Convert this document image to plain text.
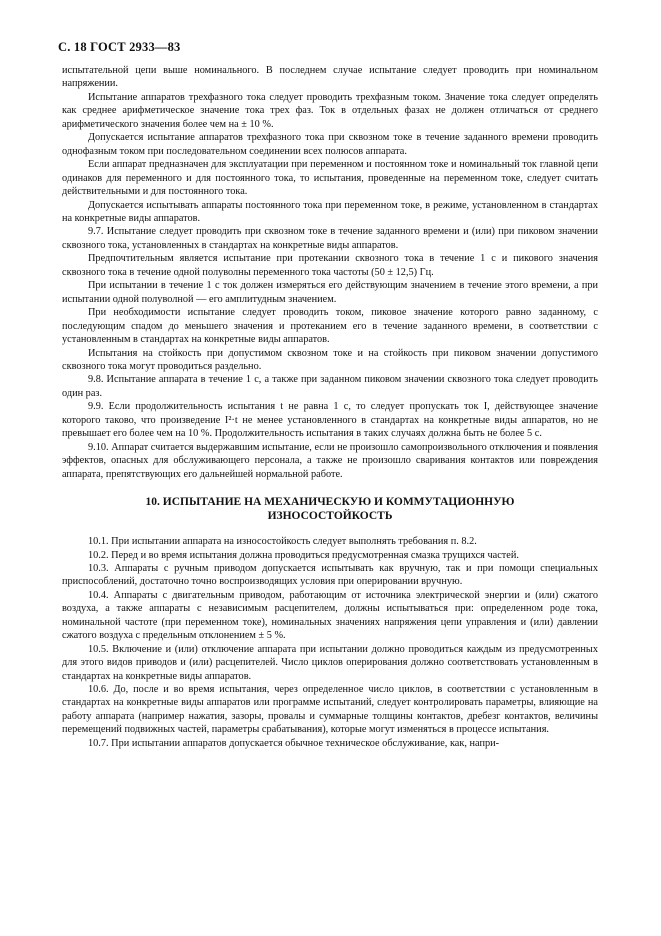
С. 18 ГОСТ 2933—83

испытательной цепи выше номинального. В последнем случае испытание следует проводить при номинальном напряжении.

Испытание аппаратов трехфазного тока следует проводить трехфазным током. Значение тока следует определять как среднее арифметическое значение тока трех фаз. Ток в отдельных фазах не должен отличаться от среднего арифметического значения более чем на ± 10 %.

Допускается испытание аппаратов трехфазного тока при сквозном токе в течение заданного времени проводить однофазным током при последовательном соединении всех полюсов аппарата.

Если аппарат предназначен для эксплуатации при переменном и постоянном токе и номинальный ток главной цепи одинаков для переменного и для постоянного тока, то испытания, проведенные на переменном токе, следует считать действительными и для постоянного тока.

Допускается испытывать аппараты постоянного тока при переменном токе, в режиме, установленном в стандартах на конкретные виды аппаратов.

9.7. Испытание следует проводить при сквозном токе в течение заданного времени и (или) при пиковом значении сквозного тока, установленных в стандартах на конкретные виды аппаратов.

Предпочтительным является испытание при протекании сквозного тока в течение 1 с и пикового значения сквозного тока в течение одной полуволны переменного тока частоты (50 ± 12,5) Гц.

При испытании в течение 1 с ток должен измеряться его действующим значением в течение этого времени, а при испытании одной полуволной — его амплитудным значением.

При необходимости испытание следует проводить током, пиковое значение которого равно заданному, с последующим спадом до меньшего значения и протеканием его в течение заданного времени, в соответствии с установленным в стандартах на конкретные виды аппаратов.

Испытания на стойкость при допустимом сквозном токе и на стойкость при пиковом значении допустимого сквозного тока могут проводиться раздельно.

9.8. Испытание аппарата в течение 1 с, а также при заданном пиковом значении сквозного тока следует проводить один раз.

9.9. Если продолжительность испытания t не равна 1 с, то следует пропускать ток I, действующее значение которого таково, что произведение I²·t не менее установленного в стандартах на конкретные виды аппаратов, но не превышает его более чем на 10 %. Продолжительность испытания в таких случаях должна быть не более 5 с.

9.10. Аппарат считается выдержавшим испытание, если не произошло самопроизвольного отключения и появления эффектов, опасных для обслуживающего персонала, а также не произошло сваривания контактов или повреждения аппарата, препятствующих его дальнейшей нормальной работе.

10. ИСПЫТАНИЕ НА МЕХАНИЧЕСКУЮ И КОММУТАЦИОННУЮ
ИЗНОСОСТОЙКОСТЬ

10.1. При испытании аппарата на износостойкость следует выполнять требования п. 8.2.

10.2. Перед и во время испытания должна проводиться предусмотренная смазка трущихся частей.

10.3. Аппараты с ручным приводом допускается испытывать как вручную, так и при помощи специальных приспособлений, достаточно точно воспроизводящих условия при оперировании вручную.

10.4. Аппараты с двигательным приводом, работающим от источника электрической энергии и (или) сжатого воздуха, а также аппараты с независимым расцепителем, должны испытываться при: определенном роде тока, номинальной частоте (при переменном токе), номинальных значениях напряжения цепи управления и (или) давлении сжатого воздуха с предельным отклонением ± 5 %.

10.5. Включение и (или) отключение аппарата при испытании должно проводиться каждым из предусмотренных для этого видов приводов и (или) расцепителей. Число циклов оперирования должно соответствовать установленным в стандартах на конкретные виды аппаратов.

10.6. До, после и во время испытания, через определенное число циклов, в соответствии с установленным в стандартах на конкретные виды аппаратов или программе испытаний, следует контролировать параметры, влияющие на работу аппарата (например нажатия, зазоры, провалы и суммарные толщины контактов, дребезг контактов, величины перемещений подвижных частей, параметры срабатывания), которые могут изменяться в процессе испытания.

10.7. При испытании аппаратов допускается обычное техническое обслуживание, как, напри-
